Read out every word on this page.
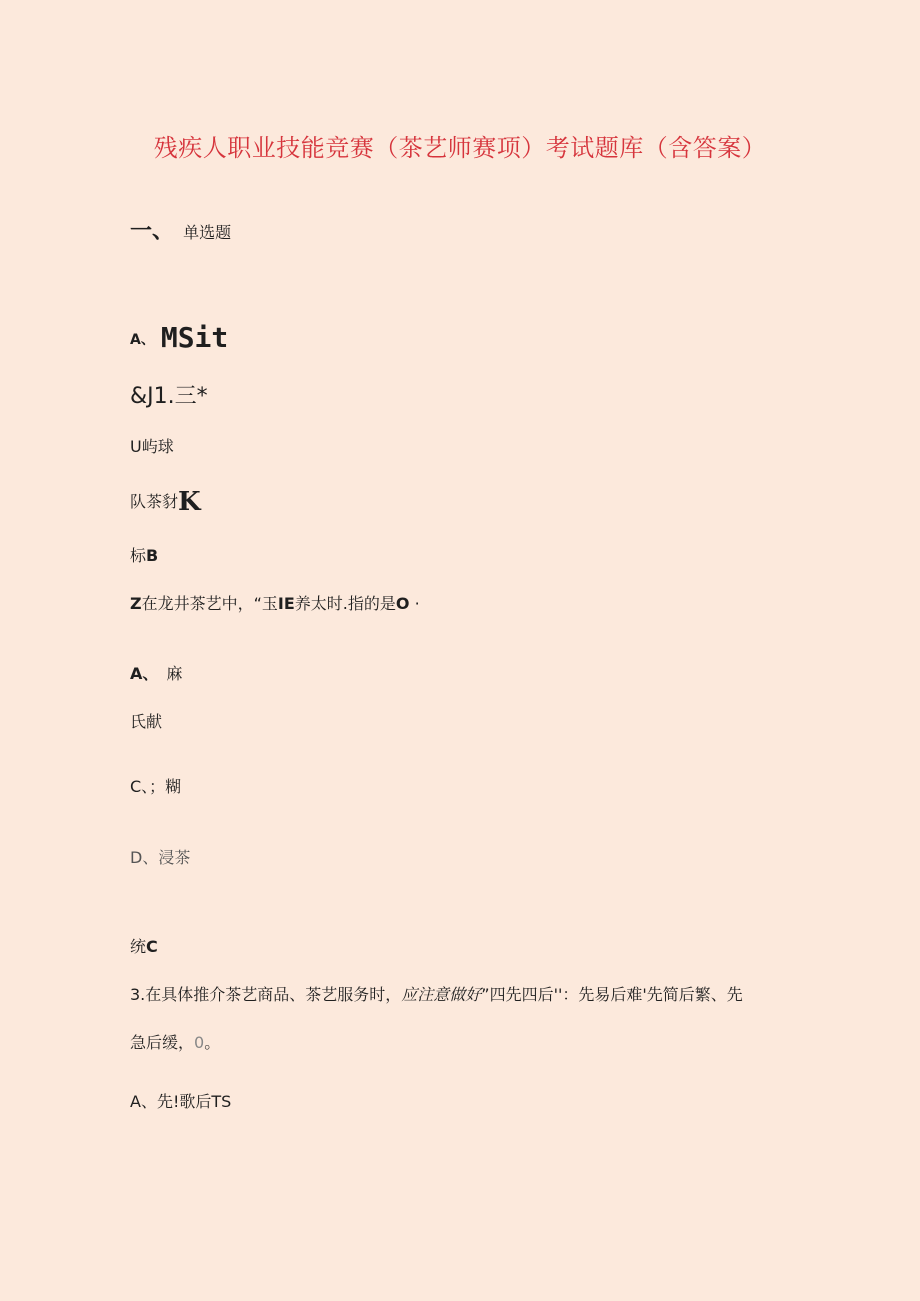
残疾人职业技能竞赛（茶艺师赛项）考试题库（含答案）
一、 单选题
A、 MSit
&J1.三*
U屿球
队茶豺K
标B
Z在龙井茶艺中，“玉IE养太时.指的是O ·
A、 麻
氏献
C、；糊
D、浸茶
统C
3.在具体推介茶艺商品、茶艺服务时，应注意做好”四先四后''：先易后难'先简后繁、先
急后缓，0。
A、先!歌后TS
